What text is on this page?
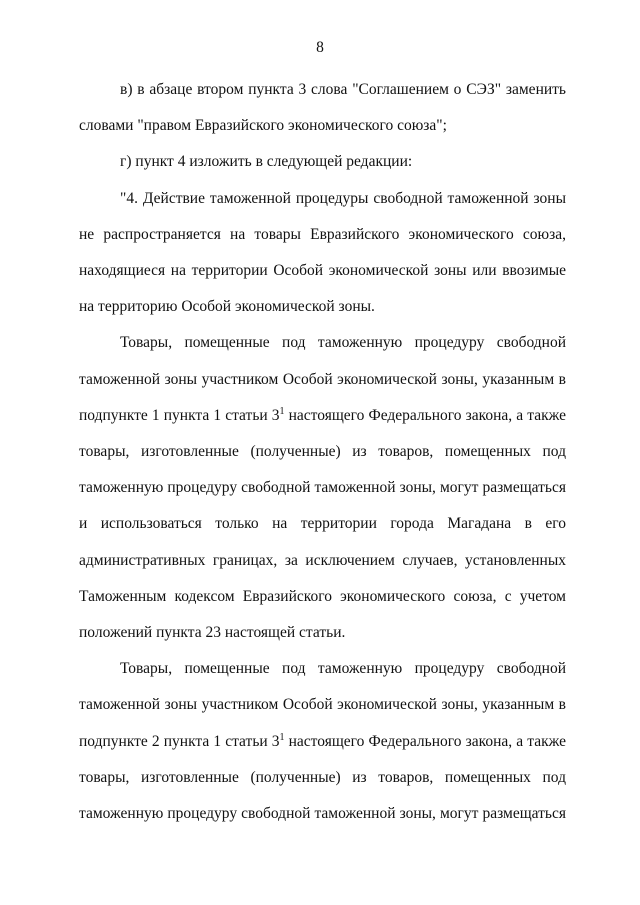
8

в) в абзаце втором пункта 3 слова "Соглашением о СЭЗ" заменить словами "правом Евразийского экономического союза";

г) пункт 4 изложить в следующей редакции:

"4. Действие таможенной процедуры свободной таможенной зоны не распространяется на товары Евразийского экономического союза, находящиеся на территории Особой экономической зоны или ввозимые на территорию Особой экономической зоны.

Товары, помещенные под таможенную процедуру свободной таможенной зоны участником Особой экономической зоны, указанным в подпункте 1 пункта 1 статьи $3^1$ настоящего Федерального закона, а также товары, изготовленные (полученные) из товаров, помещенных под таможенную процедуру свободной таможенной зоны, могут размещаться и использоваться только на территории города Магадана в его административных границах, за исключением случаев, установленных Таможенным кодексом Евразийского экономического союза, с учетом положений пункта 23 настоящей статьи.

Товары, помещенные под таможенную процедуру свободной таможенной зоны участником Особой экономической зоны, указанным в подпункте 2 пункта 1 статьи $3^1$ настоящего Федерального закона, а также товары, изготовленные (полученные) из товаров, помещенных под таможенную процедуру свободной таможенной зоны, могут размещаться
